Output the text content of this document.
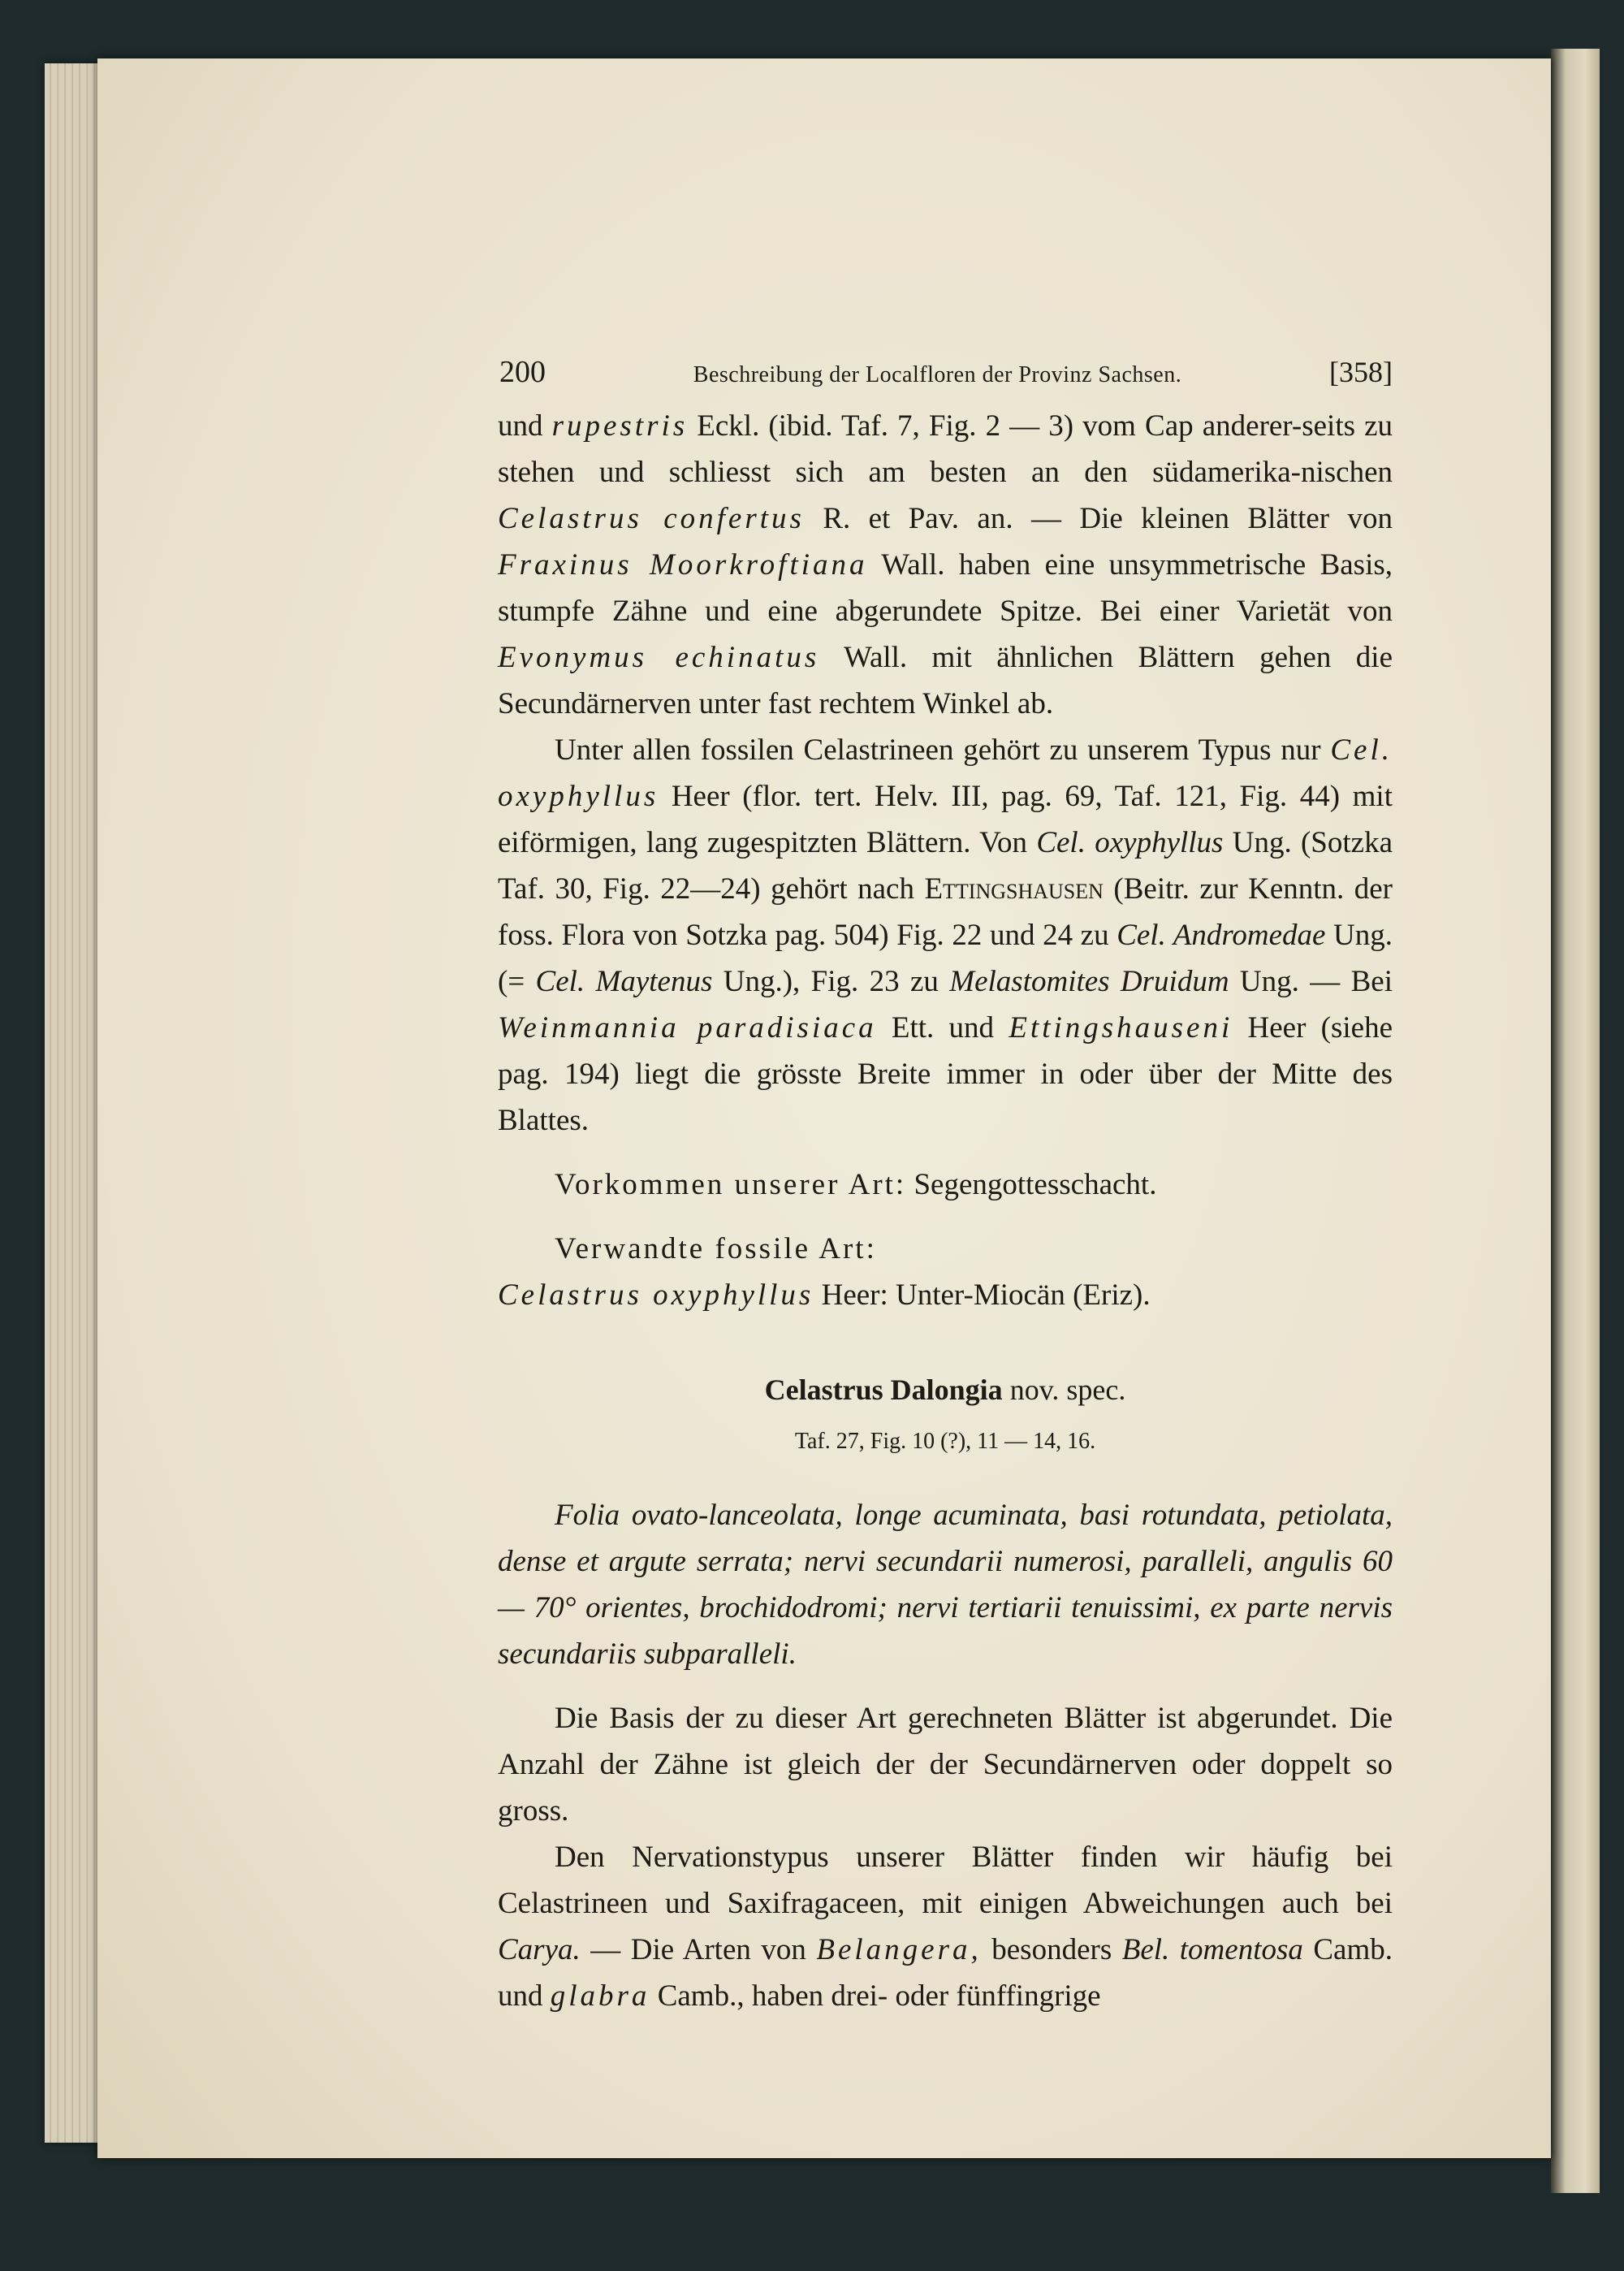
200	Beschreibung der Localfloren der Provinz Sachsen.	[358]

und rupestris Eckl. (ibid. Taf. 7, Fig. 2 — 3) vom Cap anderer-seits zu stehen und schliesst sich am besten an den südamerika-nischen Celastrus confertus R. et Pav. an. — Die kleinen Blätter von Fraxinus Moorkroftiana Wall. haben eine unsymmetrische Basis, stumpfe Zähne und eine abgerundete Spitze. Bei einer Varietät von Evonymus echinatus Wall. mit ähnlichen Blättern gehen die Secundärnerven unter fast rechtem Winkel ab.

Unter allen fossilen Celastrineen gehört zu unserem Typus nur Cel. oxyphyllus Heer (flor. tert. Helv. III, pag. 69, Taf. 121, Fig. 44) mit eiförmigen, lang zugespitzten Blättern. Von Cel. oxyphyllus Ung. (Sotzka Taf. 30, Fig. 22—24) gehört nach Ettingshausen (Beitr. zur Kenntn. der foss. Flora von Sotzka pag. 504) Fig. 22 und 24 zu Cel. Andromedae Ung. (= Cel. Maytenus Ung.), Fig. 23 zu Melastomites Druidum Ung. — Bei Weinmannia paradisiaca Ett. und Ettingshauseni Heer (siehe pag. 194) liegt die grösste Breite immer in oder über der Mitte des Blattes.

Vorkommen unserer Art: Segengottesschacht.

Verwandte fossile Art:

Celastrus oxyphyllus Heer: Unter-Miocän (Eriz).

Celastrus Dalongia nov. spec.

Taf. 27, Fig. 10 (?), 11 — 14, 16.

Folia ovato-lanceolata, longe acuminata, basi rotundata, petiolata, dense et argute serrata; nervi secundarii numerosi, paralleli, angulis 60 — 70° orientes, brochidodromi; nervi tertiarii tenuissimi, ex parte nervis secundariis subparalleli.

Die Basis der zu dieser Art gerechneten Blätter ist abgerundet. Die Anzahl der Zähne ist gleich der der Secundärnerven oder doppelt so gross.

Den Nervationstypus unserer Blätter finden wir häufig bei Celastrineen und Saxifragaceen, mit einigen Abweichungen auch bei Carya. — Die Arten von Belangera, besonders Bel. tomentosa Camb. und glabra Camb., haben drei- oder fünffingrige
